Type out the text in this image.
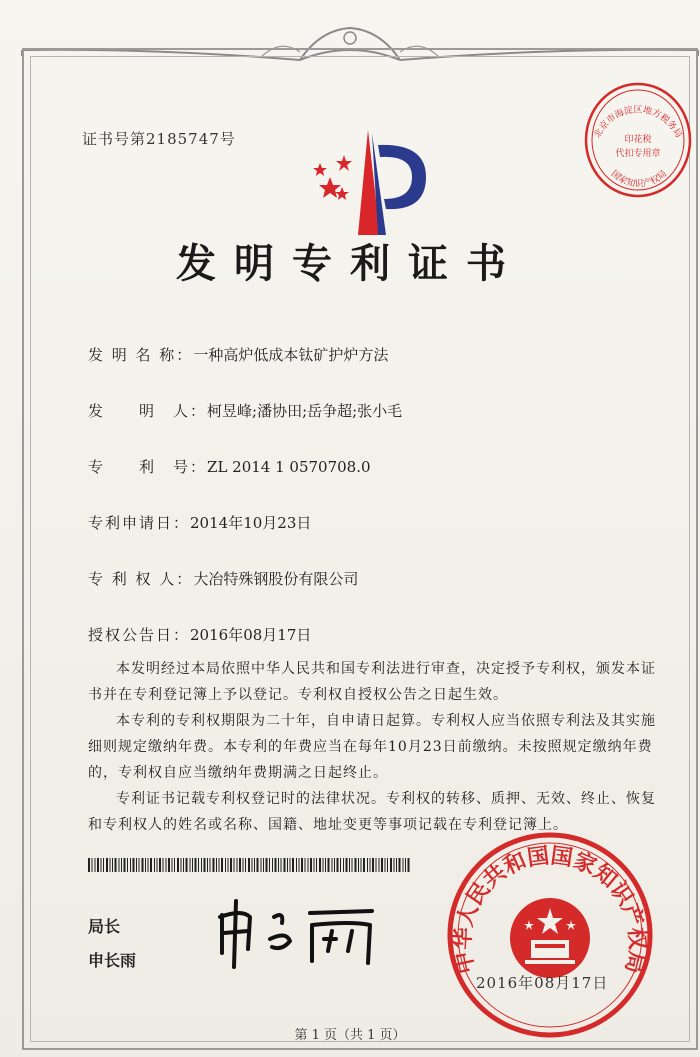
北京市海淀区地方税务局
印花税
代扣专用章
国家知识产权局
证书号第2185747号
发明专利证书
发 明 名 称：一种高炉低成本钛矿护炉方法
发　　明　人：柯昱峰;潘协田;岳争超;张小毛
专　　利　号：ZL 2014 1 0570708.0
专利申请日：2014年10月23日
专 利 权 人：大冶特殊钢股份有限公司
授权公告日：2016年08月17日

本发明经过本局依照中华人民共和国专利法进行审查，决定授予专利权，颁发本证书并在专利登记簿上予以登记。专利权自授权公告之日起生效。

本专利的专利权期限为二十年，自申请日起算。专利权人应当依照专利法及其实施细则规定缴纳年费。本专利的年费应当在每年10月23日前缴纳。未按照规定缴纳年费的，专利权自应当缴纳年费期满之日起终止。

专利证书记载专利权登记时的法律状况。专利权的转移、质押、无效、终止、恢复和专利权人的姓名或名称、国籍、地址变更等事项记载在专利登记簿上。

局长
申长雨	中华人民共和国国家知识产权局
2016年08月17日
第 1 页（共 1 页）
